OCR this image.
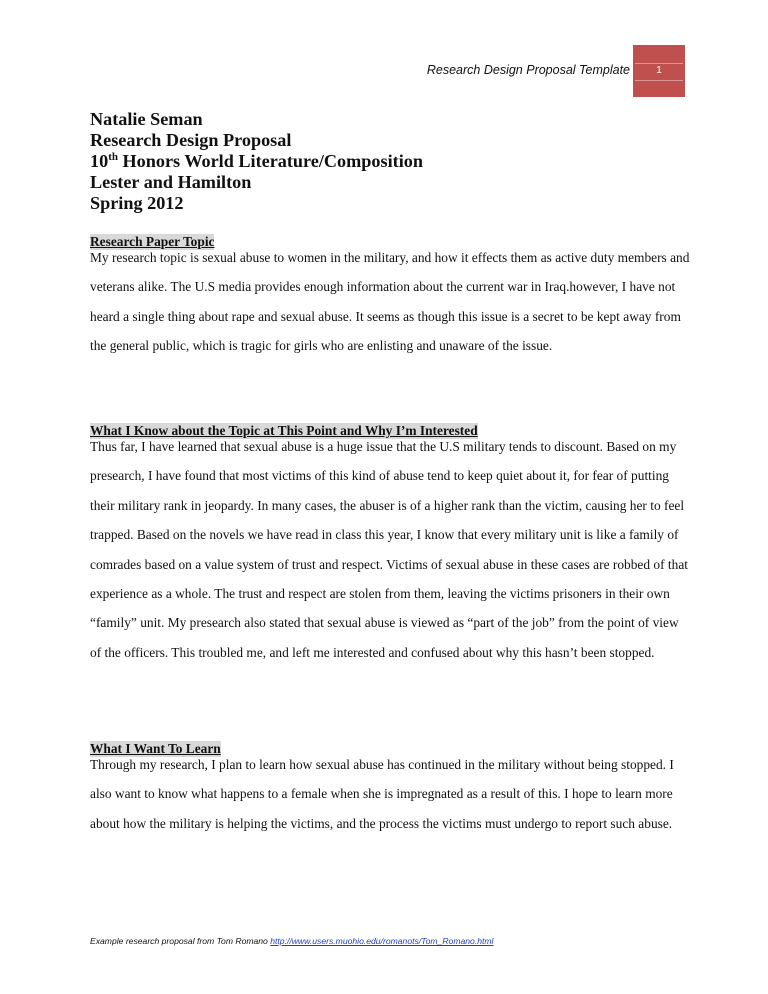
Research Design Proposal Template	1
Natalie Seman
Research Design Proposal
10th Honors World Literature/Composition
Lester and Hamilton
Spring 2012
Research Paper Topic
My research topic is sexual abuse to women in the military, and how it effects them as active duty members and veterans alike. The U.S media provides enough information about the current war in Iraq.however, I have not heard a single thing about rape and sexual abuse. It seems as though this issue is a secret to be kept away from the general public, which is tragic for girls who are enlisting and unaware of the issue.
What I Know about the Topic at This Point and Why I’m Interested
Thus far, I have learned that sexual abuse is a huge issue that the U.S military tends to discount. Based on my presearch, I have found that most victims of this kind of abuse tend to keep quiet about it, for fear of putting their military rank in jeopardy. In many cases, the abuser is of a higher rank than the victim, causing her to feel trapped. Based on the novels we have read in class this year, I know that every military unit is like a family of comrades based on a value system of trust and respect. Victims of sexual abuse in these cases are robbed of that experience as a whole. The trust and respect are stolen from them, leaving the victims prisoners in their own “family” unit. My presearch also stated that sexual abuse is viewed as “part of the job” from the point of view of the officers. This troubled me, and left me interested and confused about why this hasn’t been stopped.
What I Want To Learn
Through my research, I plan to learn how sexual abuse has continued in the military without being stopped. I also want to know what happens to a female when she is impregnated as a result of this. I hope to learn more about how the military is helping the victims, and the process the victims must undergo to report such abuse.
Example research proposal from Tom Romano http://www.users.muohio.edu/romanots/Tom_Romano.html
